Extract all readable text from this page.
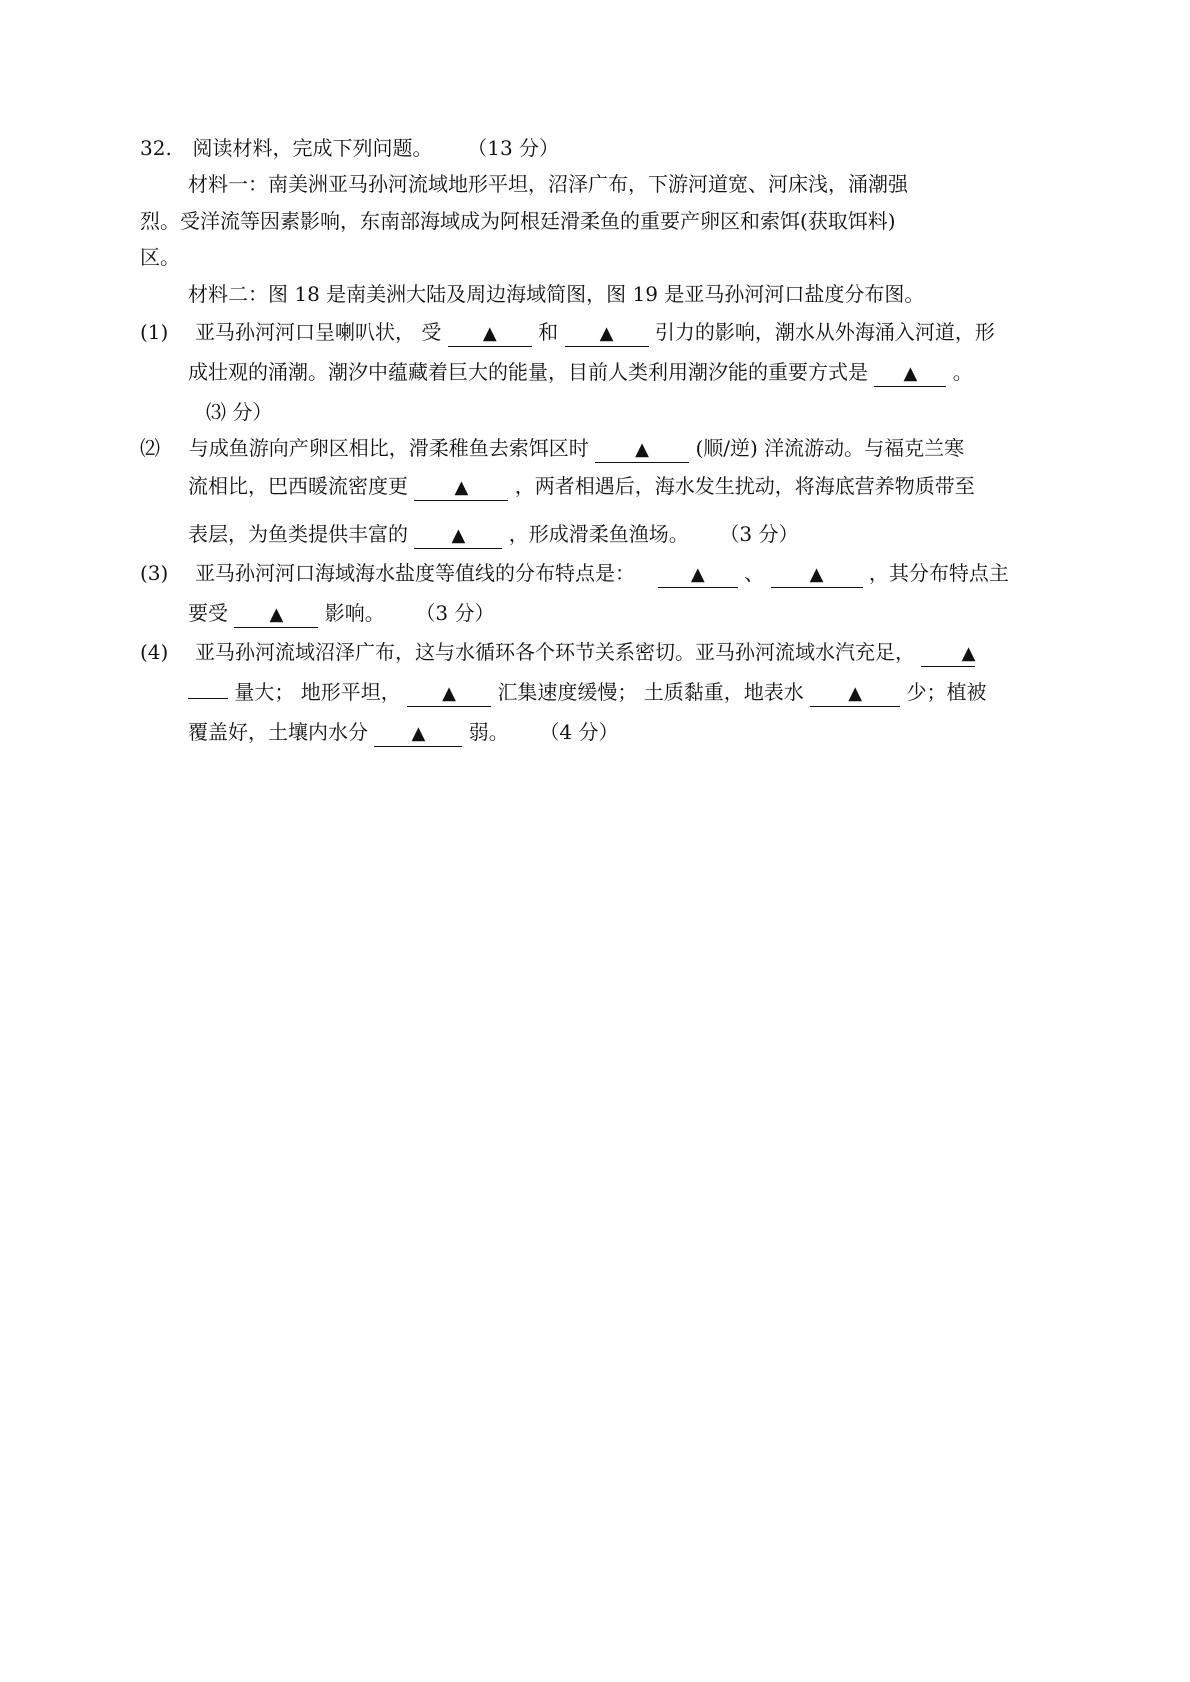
32. 阅读材料，完成下列问题。 （13 分）
材料一：南美洲亚马孙河流域地形平坦，沼泽广布，下游河道宽、河床浅，涌潮强
烈。受洋流等因素影响，东南部海域成为阿根廷滑柔鱼的重要产卵区和索饵(获取饵料)
区。
材料二：图 18 是南美洲大陆及周边海域简图，图 19 是亚马孙河河口盐度分布图。
(1) 亚马孙河河口呈喇叭状， 受 ▲ 和 ▲ 引力的影响，潮水从外海涌入河道，形
成壮观的涌潮。潮汐中蕴藏着巨大的能量，目前人类利用潮汐能的重要方式是 ▲ 。
⑶ 分）
⑵ 与成鱼游向产卵区相比，滑柔稚鱼去索饵区时	▲ (顺/逆) 洋流游动。与福克兰寒
流相比，巴西暖流密度更	▲ ，两者相遇后，海水发生扰动，将海底营养物质带至
表层，为鱼类提供丰富的 ▲ ，形成滑柔鱼渔场。 （3 分）
(3) 亚马孙河河口海域海水盐度等值线的分布特点是：	▲ 、	▲ ，其分布特点主
要受 ▲ 影响。 （3 分）
(4) 亚马孙河流域沼泽广布，这与水循环各个环节关系密切。亚马孙河流域水汽充足，	▲
量大； 地形平坦， ▲ 汇集速度缓慢； 土质黏重，地表水 ▲ 少；植被
覆盖好，土壤内水分 ▲ 弱。 （4 分）
